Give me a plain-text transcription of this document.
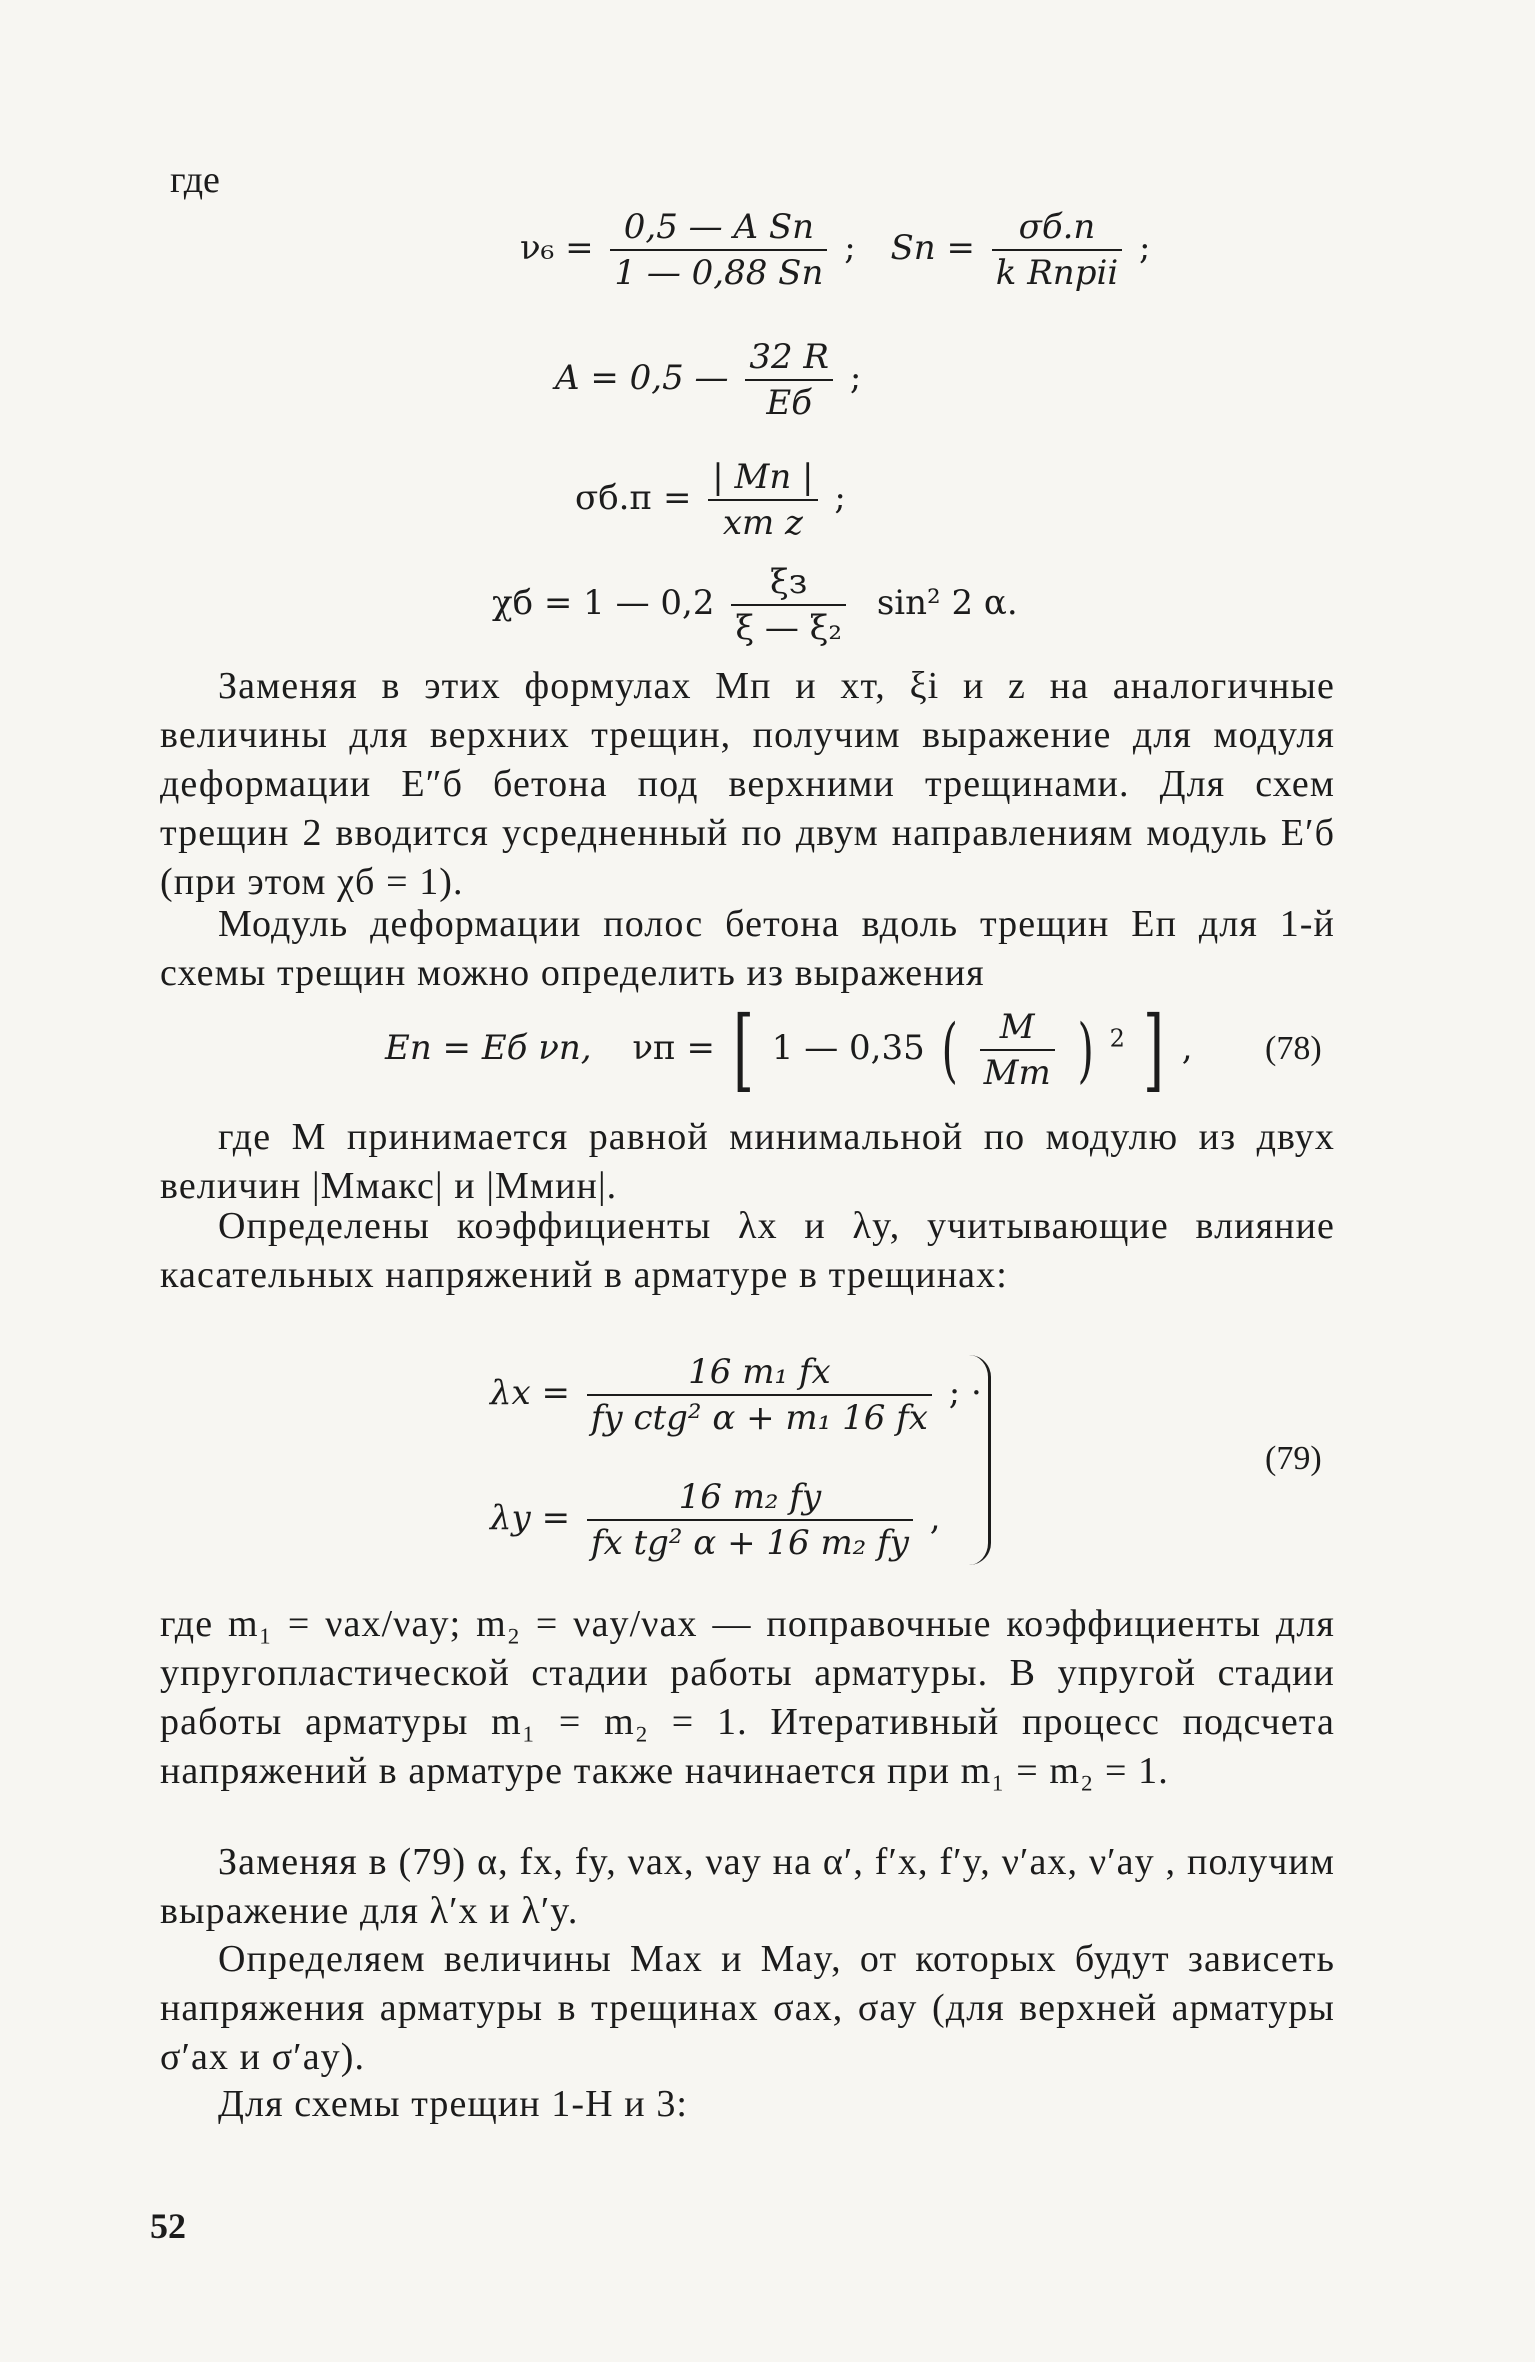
где
$\nu_6 = \frac{\text{0,5 — A Sп}}{1 — 0,88 Sп}$ ; Sп = $\frac{\sigma б.п}{\text{k Rпрii}}$ ;
A = 0,5 — $\frac{32 R}{Eб}$ ;
$\sigma б.п = \frac{| Mп |}{\text{xт z}}$ ;
χб = 1 — $0,2 \frac{\xi з}{\text{ξ — ξ₂}} \sin^2$ 2 α.

Заменяя в этих формулах Mп и xт, ξi и z на аналогичные величины для верхних трещин, получим выражение для модуля деформации E″б бетона под верхними трещинами. Для схем трещин 2 вводится усредненный по двум направлениям модуль E′б (при этом χб = 1).

Модуль деформации полос бетона вдоль трещин Eп для 1-й схемы трещин можно определить из выражения

Eп = Eб νп, νп = [ 1 — 0,35 ( $\frac{M}{Mт}$ ) $^2$ ] , (78)

где M принимается равной минимальной по модулю из двух величин |Mмакс| и |Mмин|.

Определены коэффициенты λx и λy, учитывающие влияние касательных напряжений в арматуре в трещинах:

$\lambda x = \frac{\text{16 m₁ fx}}{\text{fy ctg² α + m₁ 16 fx}}$ ; ·
$\lambda y = \frac{\text{16 m₂ fy}}{\text{fx tg² α + 16 m₂ fy}}$ ,
(79)

где m₁ = νax/νay; m₂ = νay/νax — поправочные коэффициенты для упругопластической стадии работы арматуры. В упругой стадии работы арматуры m₁ = m₂ = 1. Итеративный процесс подсчета напряжений в арматуре также начинается при m₁ = m₂ = 1.

Заменяя в (79) α, fx, fy, νax, νay на α′, f′x, f′y, ν′ax, ν′ay , получим выражение для λ′x и λ′y.

Определяем величины Max и May, от которых будут зависеть напряжения арматуры в трещинах σax, σay (для верхней арматуры σ′ax и σ′ay).

Для схемы трещин 1-Н и 3:

52
